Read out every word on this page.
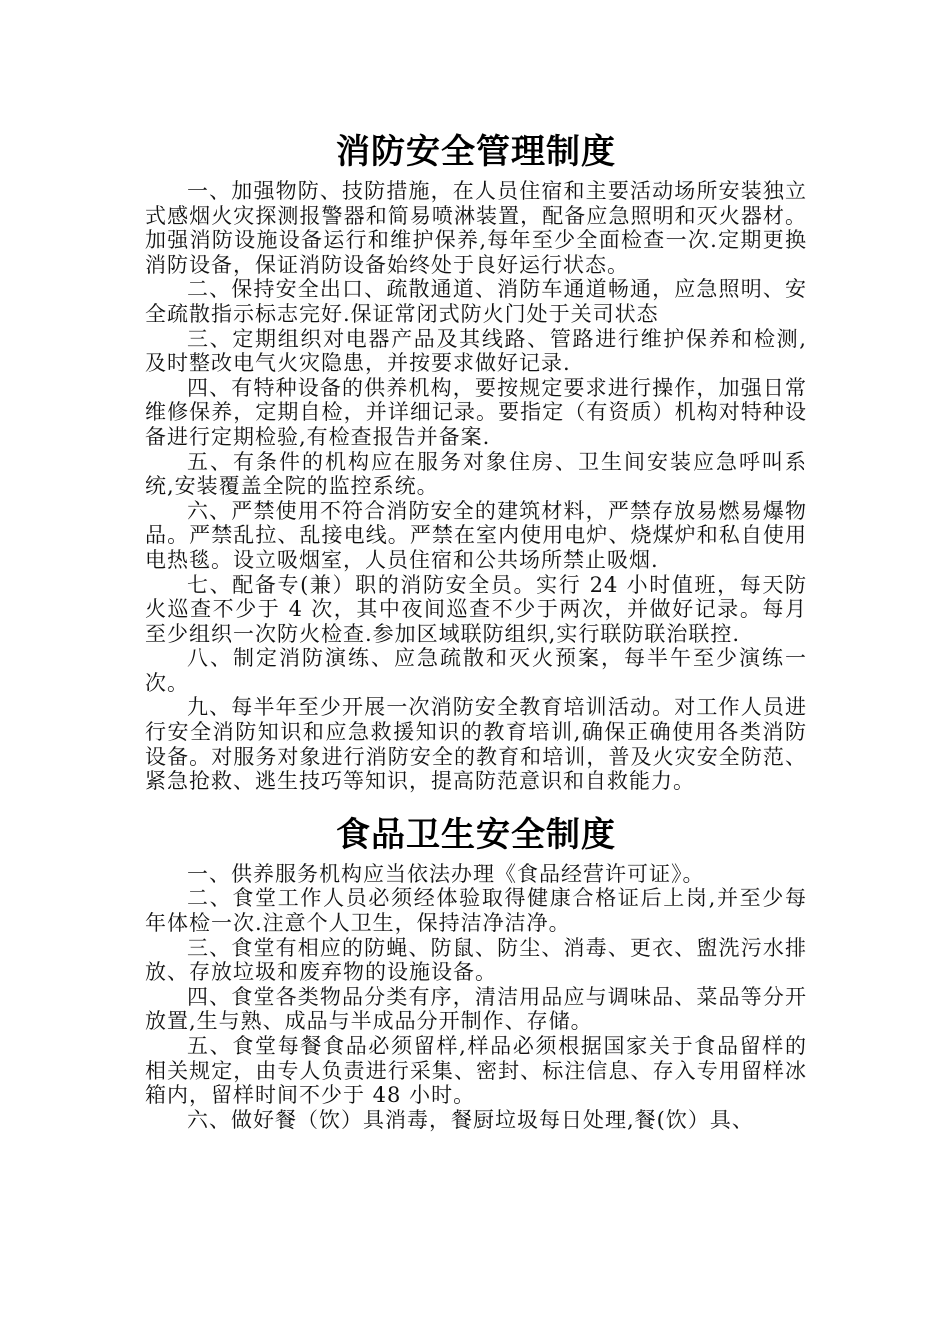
消防安全管理制度

一、加强物防、技防措施，在人员住宿和主要活动场所安装独立式感烟火灾探测报警器和简易喷淋装置，配备应急照明和灭火器材。加强消防设施设备运行和维护保养,每年至少全面检查一次.定期更换消防设备，保证消防设备始终处于良好运行状态。

二、保持安全出口、疏散通道、消防车通道畅通，应急照明、安全疏散指示标志完好.保证常闭式防火门处于关司状态

三、定期组织对电器产品及其线路、管路进行维护保养和检测,及时整改电气火灾隐患，并按要求做好记录.

四、有特种设备的供养机构，要按规定要求进行操作，加强日常维修保养，定期自检，并详细记录。要指定（有资质）机构对特种设备进行定期检验,有检查报告并备案.

五、有条件的机构应在服务对象住房、卫生间安装应急呼叫系统,安装覆盖全院的监控系统。

六、严禁使用不符合消防安全的建筑材料，严禁存放易燃易爆物品。严禁乱拉、乱接电线。严禁在室内使用电炉、烧煤炉和私自使用电热毯。设立吸烟室，人员住宿和公共场所禁止吸烟.

七、配备专(兼）职的消防安全员。实行 24 小时值班，每天防火巡查不少于 4 次，其中夜间巡查不少于两次，并做好记录。每月至少组织一次防火检查.参加区域联防组织,实行联防联治联控.

八、制定消防演练、应急疏散和灭火预案，每半午至少演练一次。

九、每半年至少开展一次消防安全教育培训活动。对工作人员进行安全消防知识和应急救援知识的教育培训,确保正确使用各类消防设备。对服务对象进行消防安全的教育和培训，普及火灾安全防范、紧急抢救、逃生技巧等知识，提高防范意识和自救能力。

食品卫生安全制度

一、供养服务机构应当依法办理《食品经营许可证》。

二、食堂工作人员必须经体验取得健康合格证后上岗,并至少每年体检一次.注意个人卫生，保持洁净洁净。

三、食堂有相应的防蝇、防鼠、防尘、消毒、更衣、盥洗污水排放、存放垃圾和废弃物的设施设备。

四、食堂各类物品分类有序，清洁用品应与调味品、菜品等分开放置,生与熟、成品与半成品分开制作、存储。

五、食堂每餐食品必须留样,样品必须根据国家关于食品留样的相关规定，由专人负责进行采集、密封、标注信息、存入专用留样冰箱内，留样时间不少于 48 小时。

六、做好餐（饮）具消毒，餐厨垃圾每日处理,餐(饮）具、
